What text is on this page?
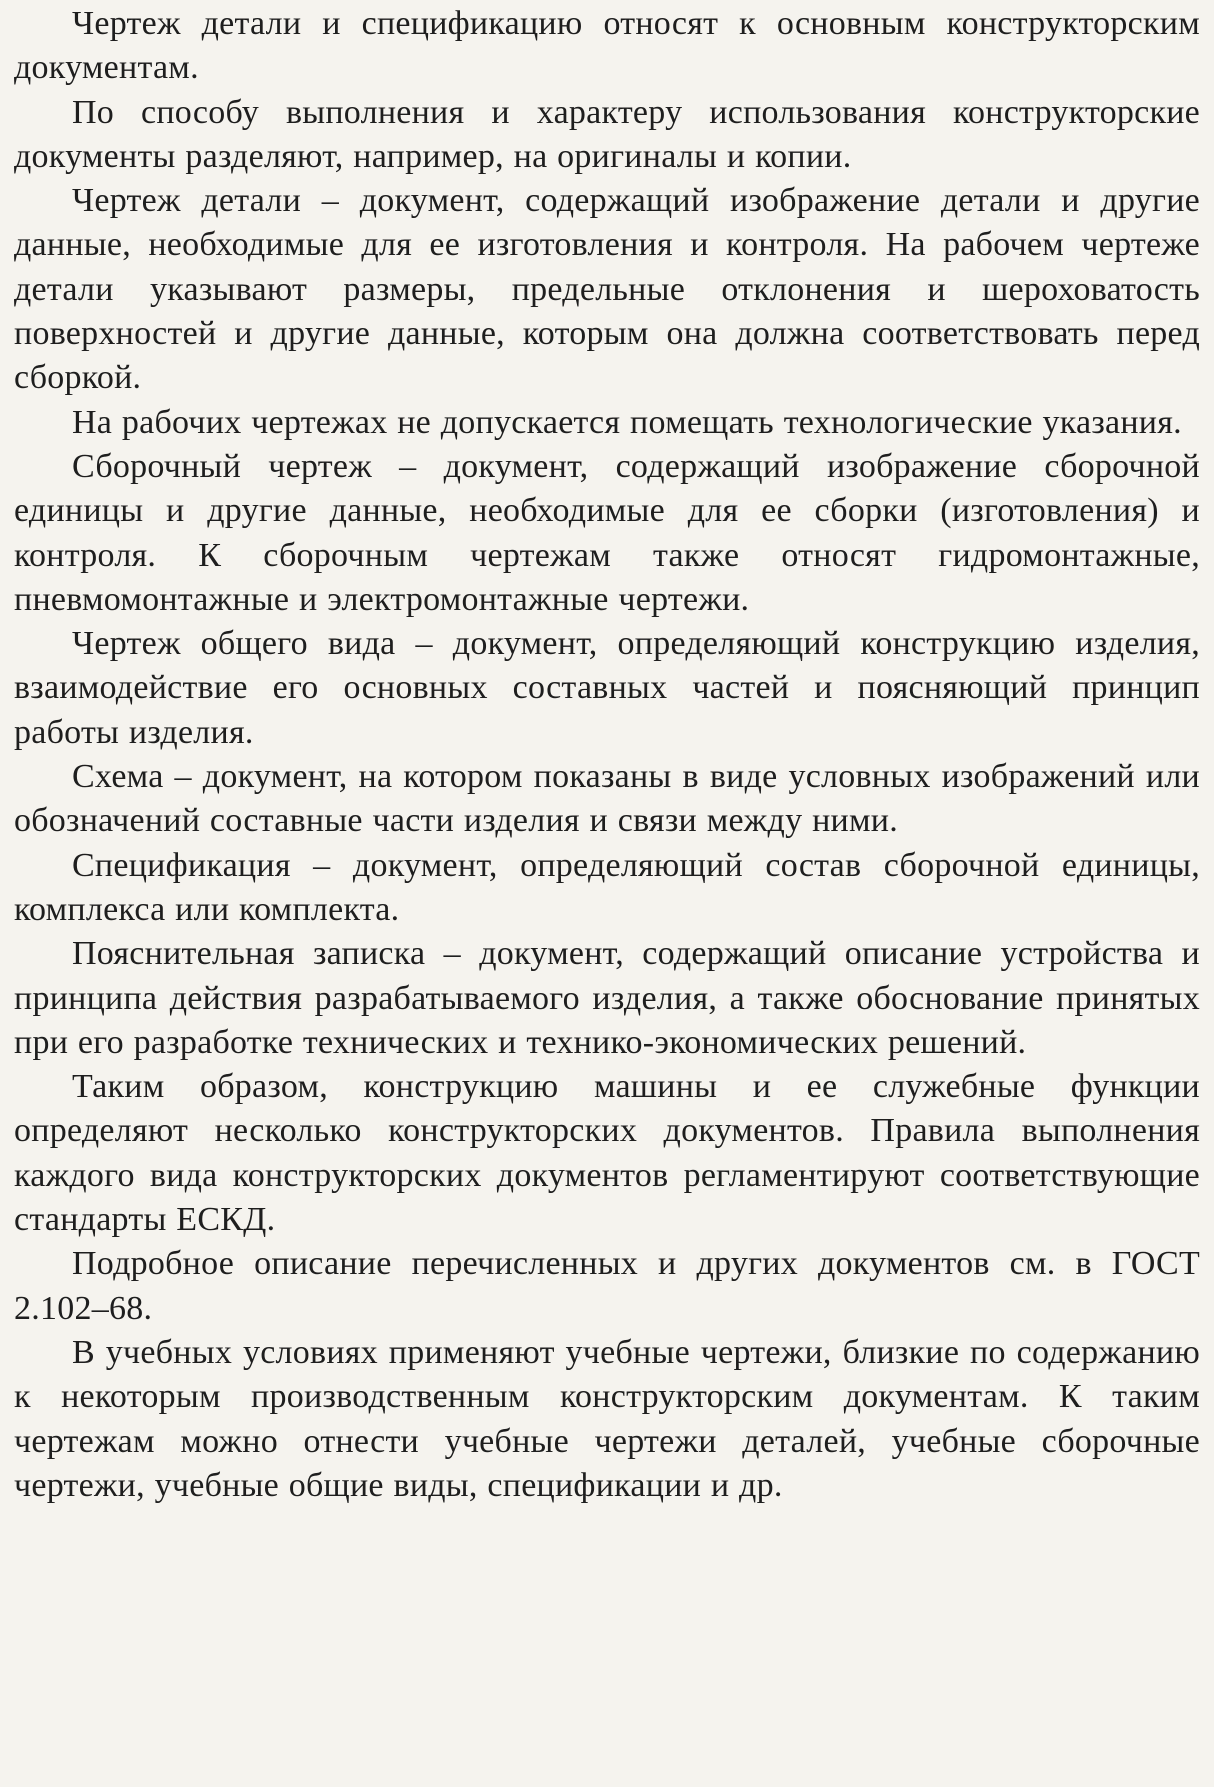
Чертеж детали и спецификацию относят к основным конструкторским документам.

По способу выполнения и характеру использования конструкторские документы разделяют, например, на оригиналы и копии.

Чертеж детали – документ, содержащий изображение детали и другие данные, необходимые для ее изготовления и контроля. На рабочем чертеже детали указывают размеры, предельные отклонения и шероховатость поверхностей и другие данные, которым она должна соответствовать перед сборкой.

На рабочих чертежах не допускается помещать технологические указания.

Сборочный чертеж – документ, содержащий изображение сборочной единицы и другие данные, необходимые для ее сборки (изготовления) и контроля. К сборочным чертежам также относят гидромонтажные, пневмомонтажные и электромонтажные чертежи.

Чертеж общего вида – документ, определяющий конструкцию изделия, взаимодействие его основных составных частей и поясняющий принцип работы изделия.

Схема – документ, на котором показаны в виде условных изображений или обозначений составные части изделия и связи между ними.

Спецификация – документ, определяющий состав сборочной единицы, комплекса или комплекта.

Пояснительная записка – документ, содержащий описание устройства и принципа действия разрабатываемого изделия, а также обоснование принятых при его разработке технических и технико-экономических решений.

Таким образом, конструкцию машины и ее служебные функции определяют несколько конструкторских документов. Правила выполнения каждого вида конструкторских документов регламентируют соответствующие стандарты ЕСКД.

Подробное описание перечисленных и других документов см. в ГОСТ 2.102–68.

В учебных условиях применяют учебные чертежи, близкие по содержанию к некоторым производственным конструкторским документам. К таким чертежам можно отнести учебные чертежи деталей, учебные сборочные чертежи, учебные общие виды, спецификации и др.
